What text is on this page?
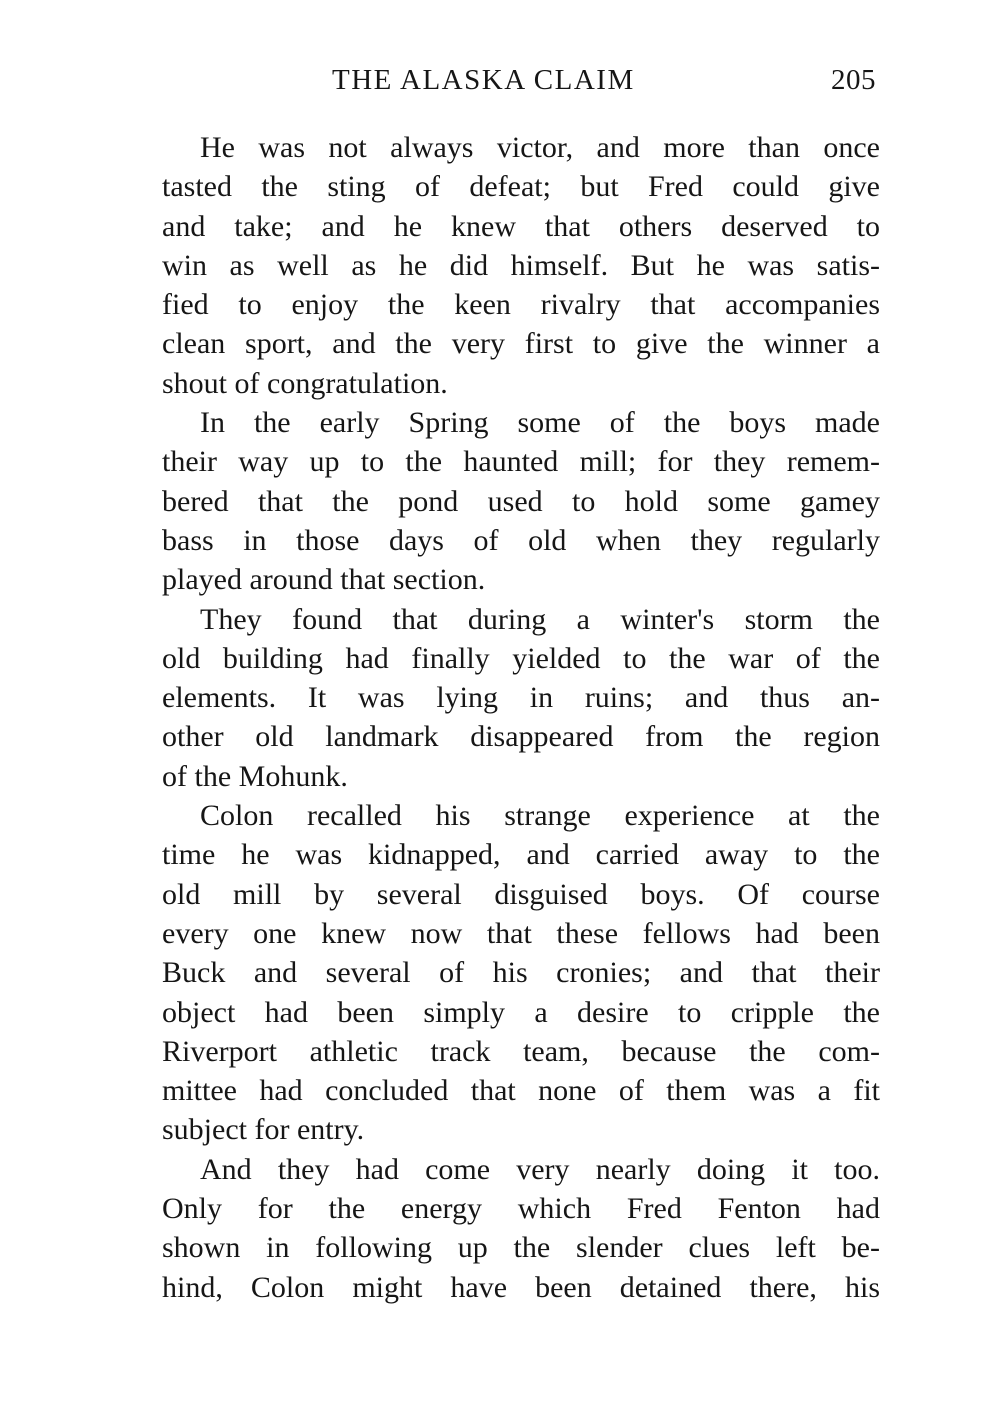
THE ALASKA CLAIM	205
He was not always victor, and more than once
tasted the sting of defeat; but Fred could give
and take; and he knew that others deserved to
win as well as he did himself. But he was satis-
fied to enjoy the keen rivalry that accompanies
clean sport, and the very first to give the winner a
shout of congratulation.
In the early Spring some of the boys made
their way up to the haunted mill; for they remem-
bered that the pond used to hold some gamey
bass in those days of old when they regularly
played around that section.
They found that during a winter's storm the
old building had finally yielded to the war of the
elements. It was lying in ruins; and thus an-
other old landmark disappeared from the region
of the Mohunk.
Colon recalled his strange experience at the
time he was kidnapped, and carried away to the
old mill by several disguised boys. Of course
every one knew now that these fellows had been
Buck and several of his cronies; and that their
object had been simply a desire to cripple the
Riverport athletic track team, because the com-
mittee had concluded that none of them was a fit
subject for entry.
And they had come very nearly doing it too.
Only for the energy which Fred Fenton had
shown in following up the slender clues left be-
hind, Colon might have been detained there, his
